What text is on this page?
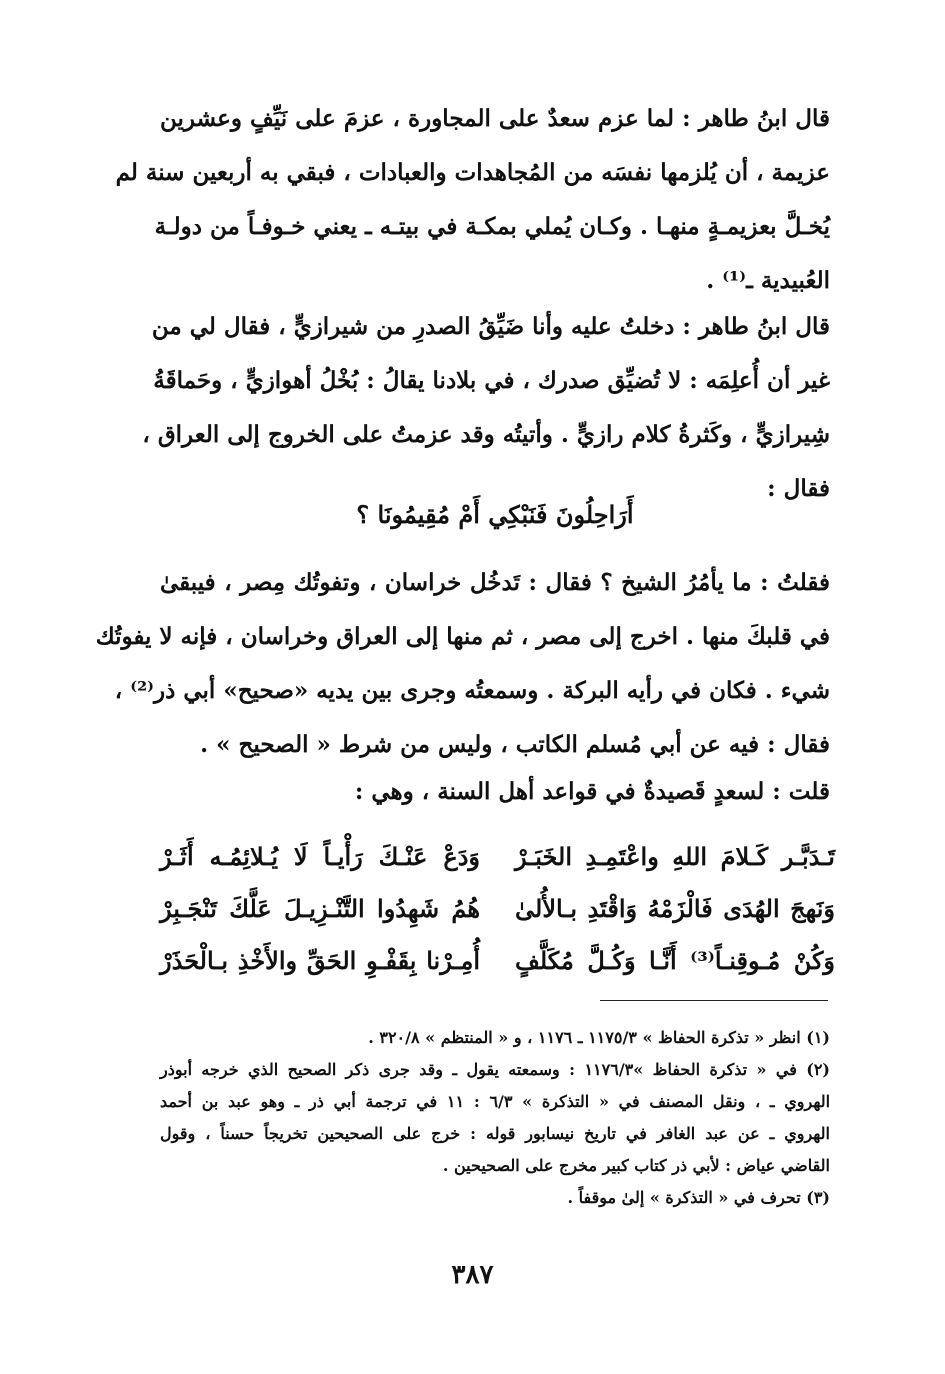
قال ابنُ طاهر : لما عزم سعدٌ على المجاورة ، عزمَ على نَيِّفٍ وعشرين
عزيمة ، أن يُلزمها نفسَه من المُجاهدات والعبادات ، فبقي به أربعين سنة لم
يُخـلَّ بعزيمـةٍ منهـا . وكـان يُملي بمكـة في بيتـه ـ يعني خـوفـاً من دولـة
العُبيدية ـ⁽¹⁾ .
قال ابنُ طاهر : دخلتُ عليه وأنا ضَيِّقُ الصدرِ من شيرازيٍّ ، فقال لي من
غير أن أُعلِمَه : لا تُضيِّق صدرك ، في بلادنا يقالُ : بُخْلُ أهوازيٍّ ، وحَماقَةُ
شِيرازيٍّ ، وكَثرةُ كلام رازيٍّ . وأتيتُه وقد عزمتُ على الخروج إلى العراق ،
فقال :
أَرَاحِلُونَ فَنَبْكِي أَمْ مُقِيمُونَا ؟
فقلتُ : ما يأمُرُ الشيخ ؟ فقال : تَدخُل خراسان ، وتفوتُك مِصر ، فيبقىٰ
في قلبكَ منها . اخرج إلى مصر ، ثم منها إلى العراق وخراسان ، فإنه لا يفوتُك
شيء . فكان في رأيه البركة . وسمعتُه وجرى بين يديه «صحيح» أبي ذر⁽²⁾ ،
فقال : فيه عن أبي مُسلم الكاتب ، وليس من شرط « الصحيح » .
قلت : لسعدٍ قَصيدةٌ في قواعد أهل السنة ، وهي :
تَـدَبَّـر كَـلامَ اللهِ واعْتَمِـدِ الخَبَـرْ
وَدَعْ عَنْـكَ رَأْيـاً لَا يُـلائِمُـه أَثَـرْ
وَنَهجَ الهُدَى فَالْزَمْهُ وَاقْتَدِ بـالأُلىٰ
هُمُ شَهِدُوا التَّنْـزِيـلَ عَلَّكَ تَنْجَـبِرْ
وَكُنْ مُـوقِنـاً⁽³⁾ أَنَّـا وَكُـلَّ مُكَلَّفٍ
أُمِـرْنا بِقَفْـوِ الحَقِّ والأَخْذِ بـالْحَذَرْ
(١) انظر « تذكرة الحفاظ » ١١٧٥/٣ ـ ١١٧٦ ، و « المنتظم » ٣٢٠/٨ .
(٢) في « تذكرة الحفاظ »١١٧٦/٣ : وسمعته يقول ـ وقد جرى ذكر الصحيح الذي خرجه أبوذر
الهروي ـ ، ونقل المصنف في « التذكرة » ٦/٣ : ١١ في ترجمة أبي ذر ـ وهو عبد بن أحمد
الهروي ـ عن عبد الغافر في تاريخ نيسابور قوله : خرج على الصحيحين تخريجاً حسناً ، وقول
القاضي عياض : لأبي ذر كتاب كبير مخرج على الصحيحين .
(٣) تحرف في « التذكرة » إلىٰ موقفاً .
٣٨٧
